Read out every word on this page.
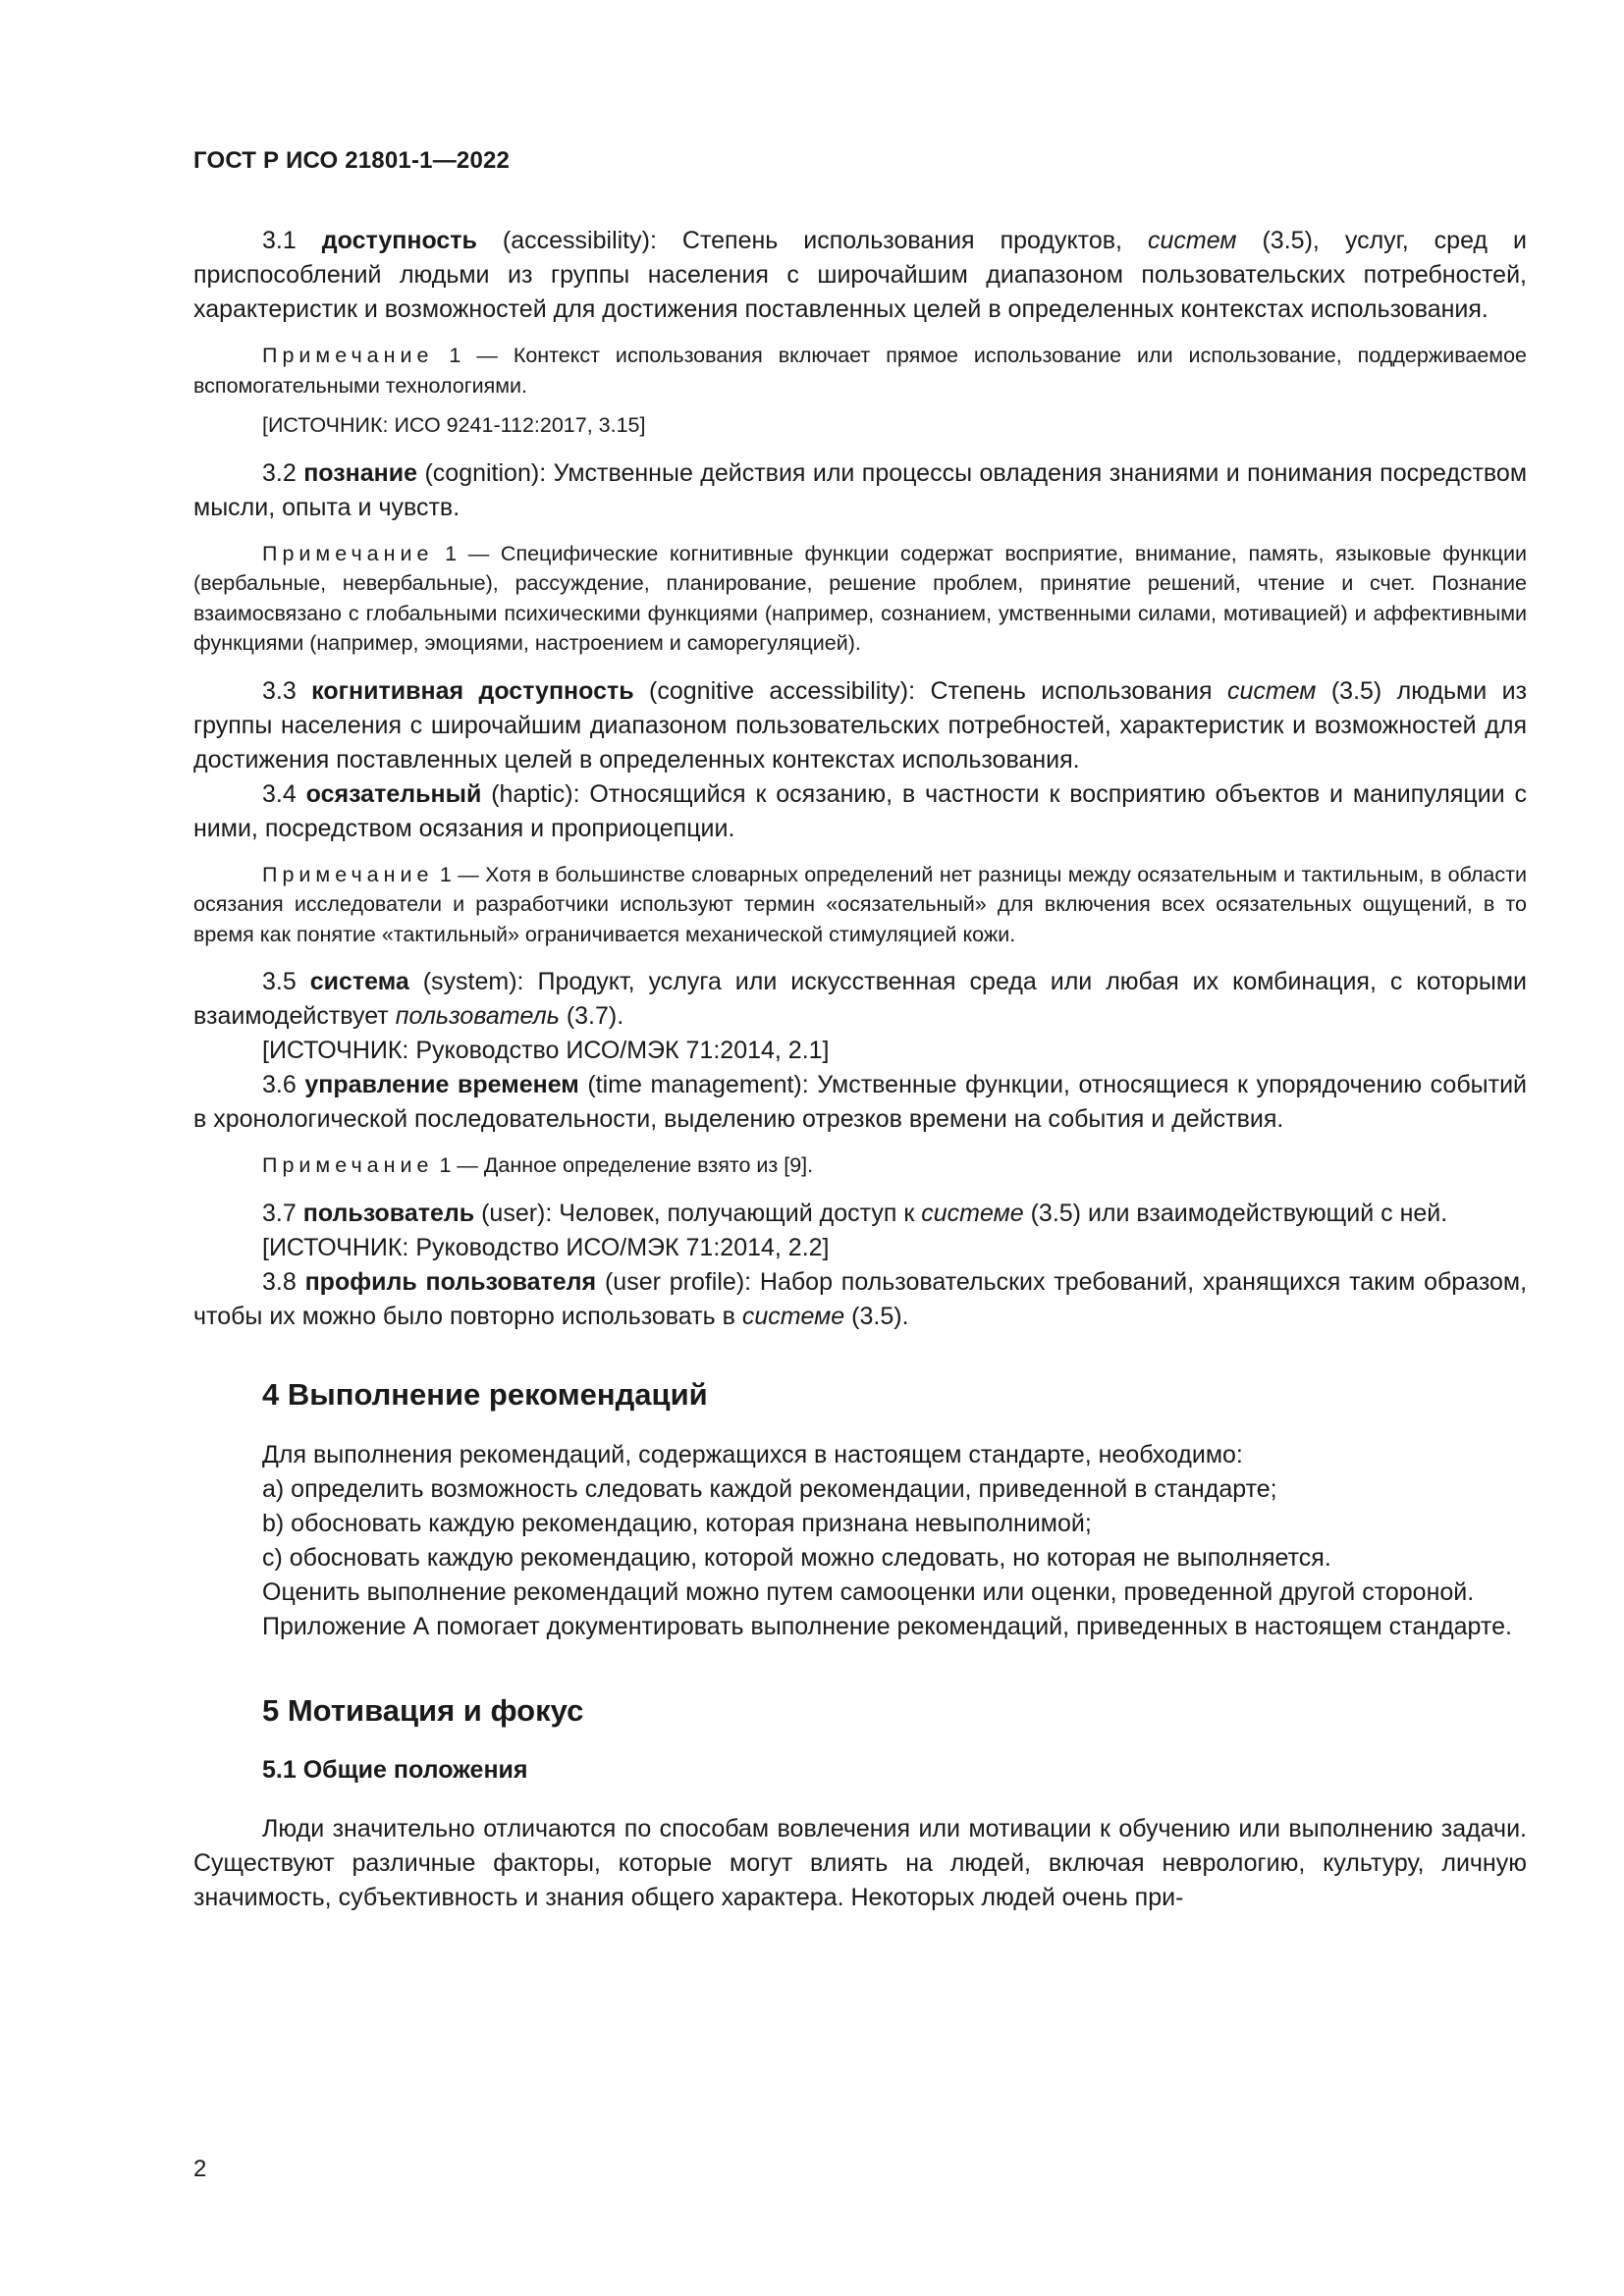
ГОСТ Р ИСО 21801-1—2022

3.1 доступность (accessibility): Степень использования продуктов, систем (3.5), услуг, сред и приспособлений людьми из группы населения с широчайшим диапазоном пользовательских потребностей, характеристик и возможностей для достижения поставленных целей в определенных контекстах использования.

Примечание 1 — Контекст использования включает прямое использование или использование, поддерживаемое вспомогательными технологиями.

[ИСТОЧНИК: ИСО 9241-112:2017, 3.15]

3.2 познание (cognition): Умственные действия или процессы овладения знаниями и понимания посредством мысли, опыта и чувств.

Примечание 1 — Специфические когнитивные функции содержат восприятие, внимание, память, языковые функции (вербальные, невербальные), рассуждение, планирование, решение проблем, принятие решений, чтение и счет. Познание взаимосвязано с глобальными психическими функциями (например, сознанием, умственными силами, мотивацией) и аффективными функциями (например, эмоциями, настроением и саморегуляцией).

3.3 когнитивная доступность (cognitive accessibility): Степень использования систем (3.5) людьми из группы населения с широчайшим диапазоном пользовательских потребностей, характеристик и возможностей для достижения поставленных целей в определенных контекстах использования.

3.4 осязательный (haptic): Относящийся к осязанию, в частности к восприятию объектов и манипуляции с ними, посредством осязания и проприоцепции.

Примечание 1 — Хотя в большинстве словарных определений нет разницы между осязательным и тактильным, в области осязания исследователи и разработчики используют термин «осязательный» для включения всех осязательных ощущений, в то время как понятие «тактильный» ограничивается механической стимуляцией кожи.

3.5 система (system): Продукт, услуга или искусственная среда или любая их комбинация, с которыми взаимодействует пользователь (3.7).

[ИСТОЧНИК: Руководство ИСО/МЭК 71:2014, 2.1]

3.6 управление временем (time management): Умственные функции, относящиеся к упорядочению событий в хронологической последовательности, выделению отрезков времени на события и действия.

Примечание 1 — Данное определение взято из [9].

3.7 пользователь (user): Человек, получающий доступ к системе (3.5) или взаимодействующий с ней.

[ИСТОЧНИК: Руководство ИСО/МЭК 71:2014, 2.2]

3.8 профиль пользователя (user profile): Набор пользовательских требований, хранящихся таким образом, чтобы их можно было повторно использовать в системе (3.5).

4 Выполнение рекомендаций

Для выполнения рекомендаций, содержащихся в настоящем стандарте, необходимо:

a) определить возможность следовать каждой рекомендации, приведенной в стандарте;

b) обосновать каждую рекомендацию, которая признана невыполнимой;

c) обосновать каждую рекомендацию, которой можно следовать, но которая не выполняется.

Оценить выполнение рекомендаций можно путем самооценки или оценки, проведенной другой стороной.

Приложение А помогает документировать выполнение рекомендаций, приведенных в настоящем стандарте.

5 Мотивация и фокус
5.1 Общие положения

Люди значительно отличаются по способам вовлечения или мотивации к обучению или выполнению задачи. Существуют различные факторы, которые могут влиять на людей, включая неврологию, культуру, личную значимость, субъективность и знания общего характера. Некоторых людей очень при-

2
